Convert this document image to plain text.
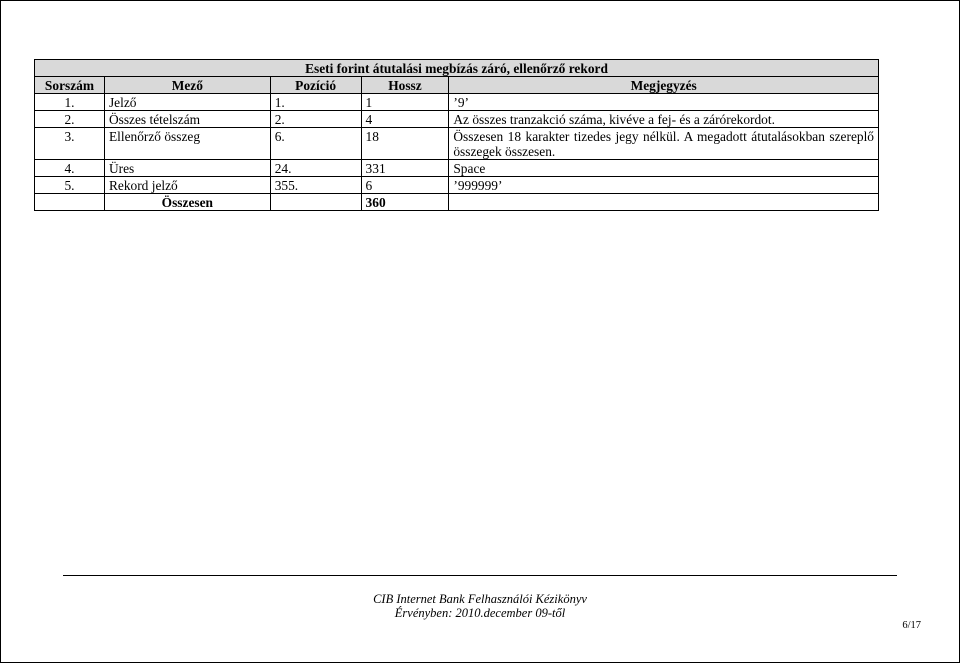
Eseti forint átutalási megbízás záró, ellenőrző rekord				
Sorszám	Mező	Pozíció	Hossz	Megjegyzés
1.	Jelző	1.	1	’9’
2.	Összes tételszám	2.	4	Az összes tranzakció száma, kivéve a fej- és a zárórekordot.
3.	Ellenőrző összeg	6.	18	Összesen 18 karakter tizedes jegy nélkül. A megadott átutalásokban szereplő összegek összesen.
4.	Üres	24.	331	Space
5.	Rekord jelző	355.	6	’999999’
	Összesen		360	
CIB Internet Bank Felhasználói Kézikönyv
Érvényben: 2010.december 09-től
6/17
